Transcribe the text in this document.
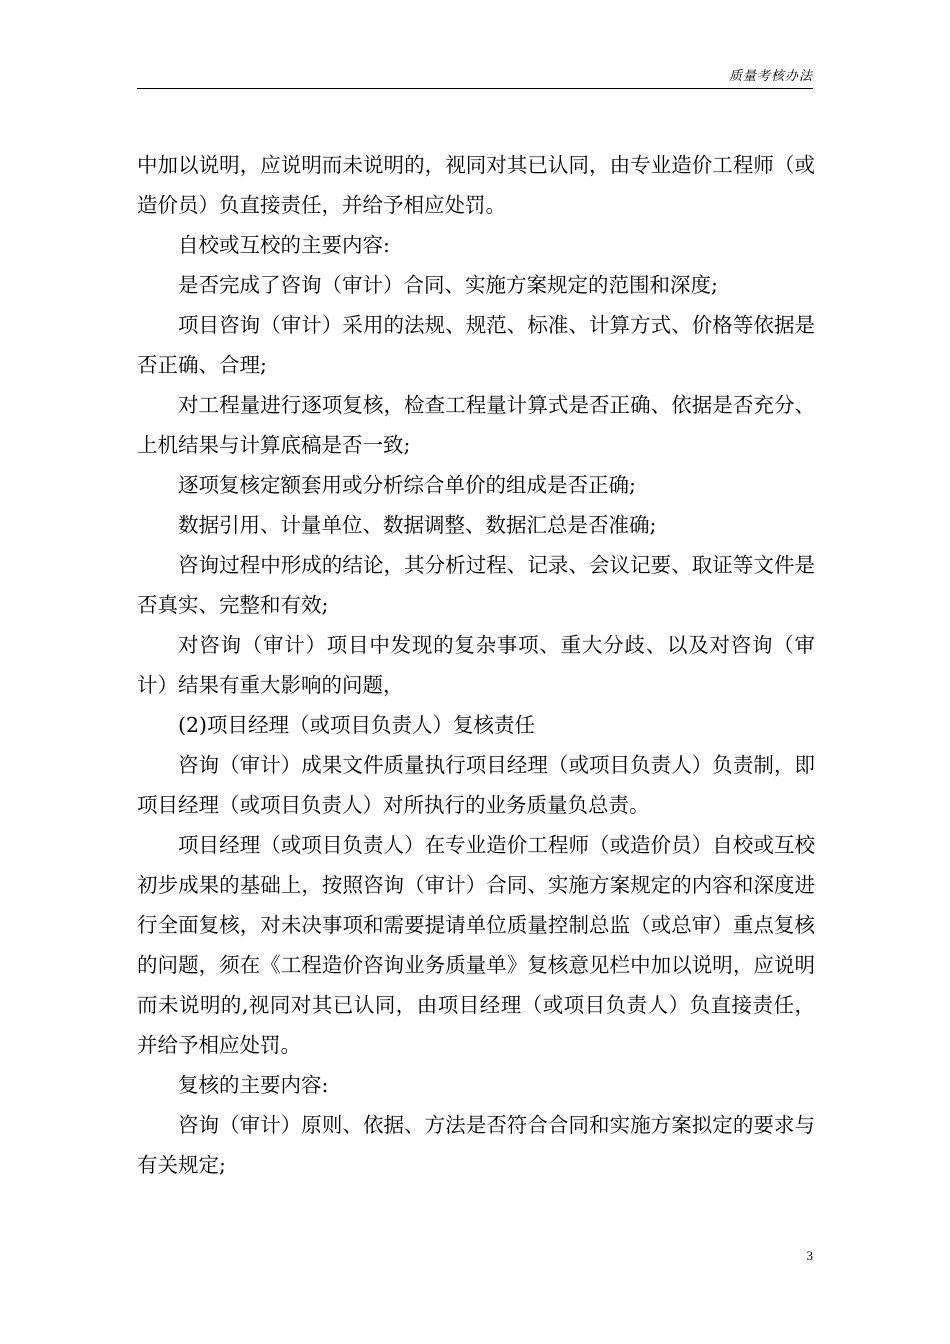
质量考核办法

中加以说明，应说明而未说明的，视同对其已认同，由专业造价工程师（或造价员）负直接责任，并给予相应处罚。

自校或互校的主要内容:

是否完成了咨询（审计）合同、实施方案规定的范围和深度;

项目咨询（审计）采用的法规、规范、标准、计算方式、价格等依据是否正确、合理;

对工程量进行逐项复核，检查工程量计算式是否正确、依据是否充分、上机结果与计算底稿是否一致;

逐项复核定额套用或分析综合单价的组成是否正确;

数据引用、计量单位、数据调整、数据汇总是否准确;

咨询过程中形成的结论，其分析过程、记录、会议记要、取证等文件是否真实、完整和有效;

对咨询（审计）项目中发现的复杂事项、重大分歧、以及对咨询（审计）结果有重大影响的问题，

(2)项目经理（或项目负责人）复核责任

咨询（审计）成果文件质量执行项目经理（或项目负责人）负责制，即项目经理（或项目负责人）对所执行的业务质量负总责。

项目经理（或项目负责人）在专业造价工程师（或造价员）自校或互校初步成果的基础上，按照咨询（审计）合同、实施方案规定的内容和深度进行全面复核，对未决事项和需要提请单位质量控制总监（或总审）重点复核的问题，须在《工程造价咨询业务质量单》复核意见栏中加以说明，应说明而未说明的,视同对其已认同，由项目经理（或项目负责人）负直接责任，并给予相应处罚。

复核的主要内容:

咨询（审计）原则、依据、方法是否符合合同和实施方案拟定的要求与有关规定;

3
